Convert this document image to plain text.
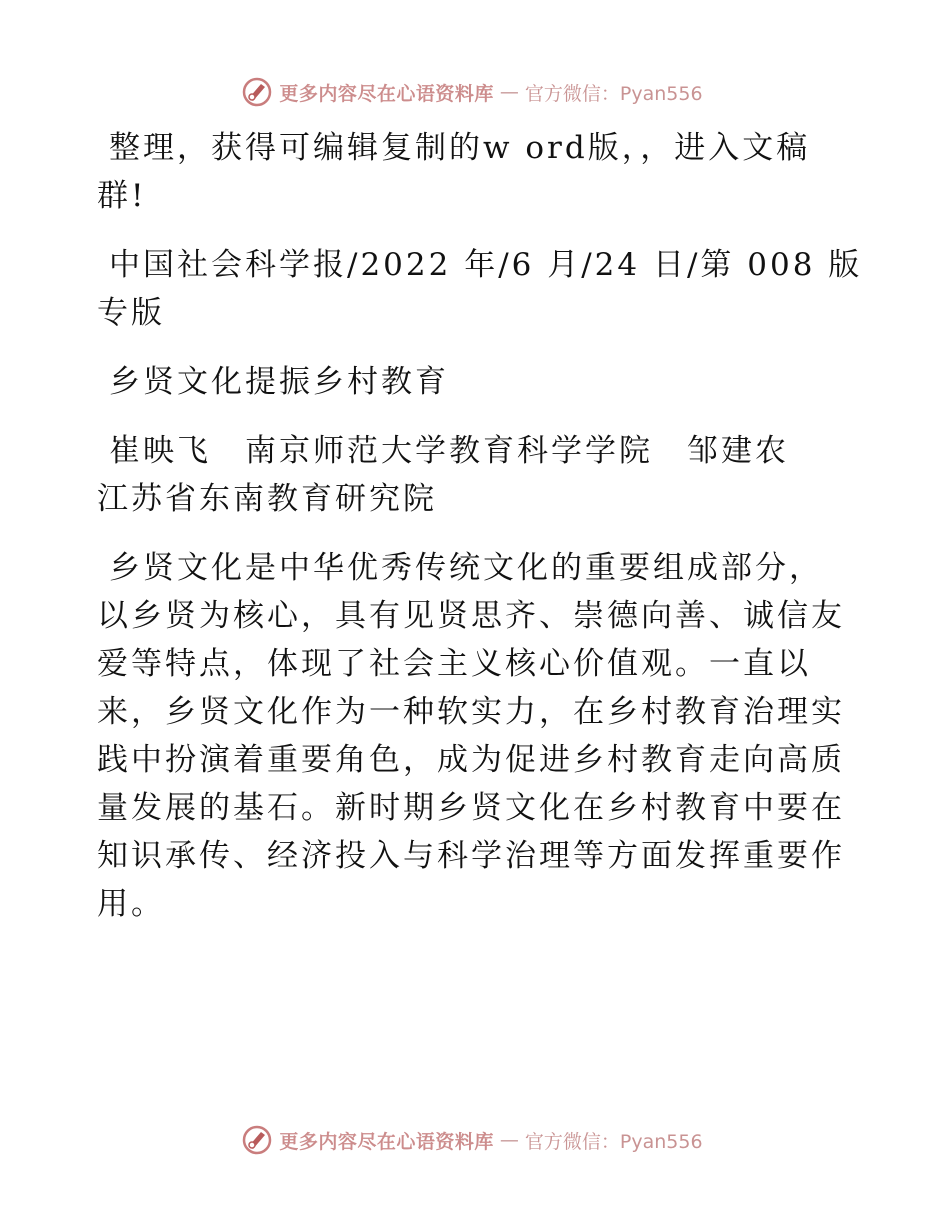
更多内容尽在心语资料库 — 官方微信：Pyan556
整理，获得可编辑复制的w ord版，，进入文稿
群!
中国社会科学报/2022 年/6 月/24 日/第 008 版
专版
乡贤文化提振乡村教育
崔映飞　南京师范大学教育科学学院　邹建农
江苏省东南教育研究院
乡贤文化是中华优秀传统文化的重要组成部分，
以乡贤为核心，具有见贤思齐、崇德向善、诚信友
爱等特点，体现了社会主义核心价值观。一直以
来，乡贤文化作为一种软实力，在乡村教育治理实
践中扮演着重要角色，成为促进乡村教育走向高质
量发展的基石。新时期乡贤文化在乡村教育中要在
知识承传、经济投入与科学治理等方面发挥重要作
用。
更多内容尽在心语资料库 — 官方微信：Pyan556
